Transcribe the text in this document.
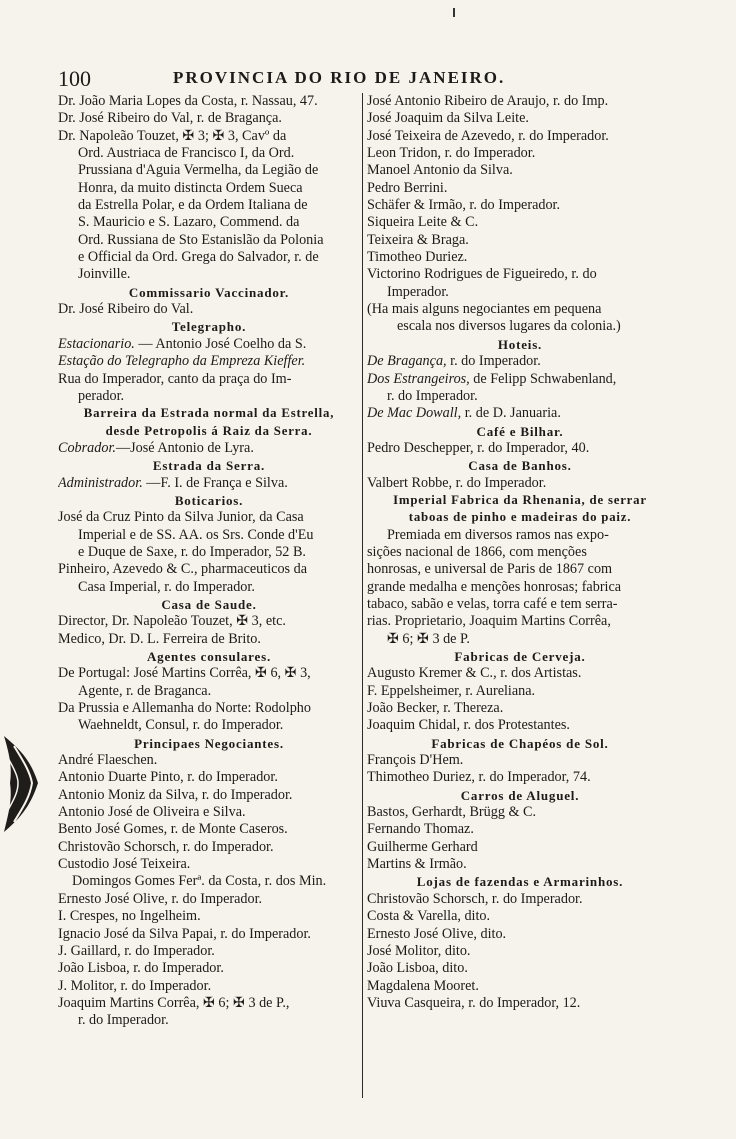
100	PROVINCIA DO RIO DE JANEIRO.
Dr. João Maria Lopes da Costa, r. Nassau, 47.
Dr. José Ribeiro do Val, r. de Bragança.
Dr. Napoleão Touzet, ✠ 3; ✠ 3, Cavº da
Ord. Austriaca de Francisco I, da Ord.
Prussiana d'Aguia Vermelha, da Legião de
Honra, da muito distincta Ordem Sueca
da Estrella Polar, e da Ordem Italiana de
S. Mauricio e S. Lazaro, Commend. da
Ord. Russiana de Sto Estanislão da Polonia
e Official da Ord. Grega do Salvador, r. de
Joinville.
Commissario Vaccinador.
Dr. José Ribeiro do Val.
Telegrapho.
Estacionario. — Antonio José Coelho da S.
Estação do Telegrapho da Empreza Kieffer.
Rua do Imperador, canto da praça do Im-
perador.
Barreira da Estrada normal da Estrella,
desde Petropolis á Raiz da Serra.
Cobrador.—José Antonio de Lyra.
Estrada da Serra.
Administrador. —F. I. de França e Silva.
Boticarios.
José da Cruz Pinto da Silva Junior, da Casa
Imperial e de SS. AA. os Srs. Conde d'Eu
e Duque de Saxe, r. do Imperador, 52 B.
Pinheiro, Azevedo & C., pharmaceuticos da
Casa Imperial, r. do Imperador.
Casa de Saude.
Director, Dr. Napoleão Touzet, ✠ 3, etc.
Medico, Dr. D. L. Ferreira de Brito.
Agentes consulares.
De Portugal: José Martins Corrêa, ✠ 6, ✠ 3,
Agente, r. de Braganca.
Da Prussia e Allemanha do Norte: Rodolpho
Waehneldt, Consul, r. do Imperador.
Principaes Negociantes.
André Flaeschen.
Antonio Duarte Pinto, r. do Imperador.
Antonio Moniz da Silva, r. do Imperador.
Antonio José de Oliveira e Silva.
Bento José Gomes, r. de Monte Caseros.
Christovão Schorsch, r. do Imperador.
Custodio José Teixeira.
Domingos Gomes Ferª. da Costa, r. dos Min.
Ernesto José Olive, r. do Imperador.
I. Crespes, no Ingelheim.
Ignacio José da Silva Papai, r. do Imperador.
J. Gaillard, r. do Imperador.
João Lisboa, r. do Imperador.
J. Molitor, r. do Imperador.
Joaquim Martins Corrêa, ✠ 6; ✠ 3 de P.,
r. do Imperador.
José Antonio Ribeiro de Araujo, r. do Imp.
José Joaquim da Silva Leite.
José Teixeira de Azevedo, r. do Imperador.
Leon Tridon, r. do Imperador.
Manoel Antonio da Silva.
Pedro Berrini.
Schäfer & Irmão, r. do Imperador.
Siqueira Leite & C.
Teixeira & Braga.
Timotheo Duriez.
Victorino Rodrigues de Figueiredo, r. do
Imperador.
(Ha mais alguns negociantes em pequena
escala nos diversos lugares da colonia.)
Hoteis.
De Bragança, r. do Imperador.
Dos Estrangeiros, de Felipp Schwabenland,
r. do Imperador.
De Mac Dowall, r. de D. Januaria.
Café e Bilhar.
Pedro Deschepper, r. do Imperador, 40.
Casa de Banhos.
Valbert Robbe, r. do Imperador.
Imperial Fabrica da Rhenania, de serrar
taboas de pinho e madeiras do paiz.
Premiada em diversos ramos nas expo-
sições nacional de 1866, com menções
honrosas, e universal de Paris de 1867 com
grande medalha e menções honrosas; fabrica
tabaco, sabão e velas, torra café e tem serra-
rias. Proprietario, Joaquim Martins Corrêa,
✠ 6; ✠ 3 de P.
Fabricas de Cerveja.
Augusto Kremer & C., r. dos Artistas.
F. Eppelsheimer, r. Aureliana.
João Becker, r. Thereza.
Joaquim Chidal, r. dos Protestantes.
Fabricas de Chapéos de Sol.
François D'Hem.
Thimotheo Duriez, r. do Imperador, 74.
Carros de Aluguel.
Bastos, Gerhardt, Brügg & C.
Fernando Thomaz.
Guilherme Gerhard
Martins & Irmão.
Lojas de fazendas e Armarinhos.
Christovão Schorsch, r. do Imperador.
Costa & Varella, dito.
Ernesto José Olive, dito.
José Molitor, dito.
João Lisboa, dito.
Magdalena Mooret.
Viuva Casqueira, r. do Imperador, 12.
